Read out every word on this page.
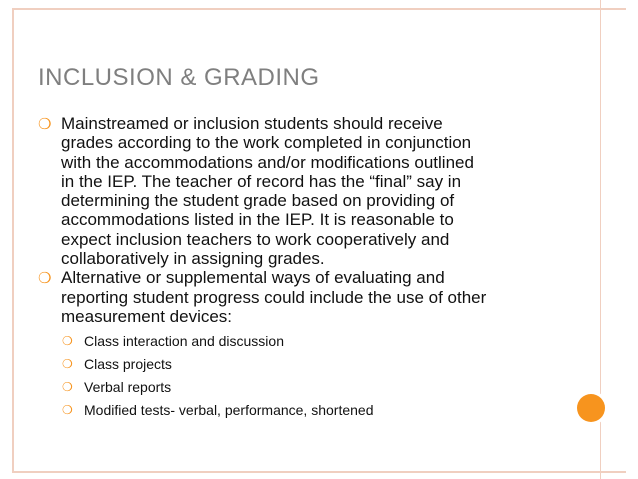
INCLUSION & GRADING
❍ Mainstreamed or inclusion students should receive
grades according to the work completed in conjunction
with the accommodations and/or modifications outlined
in the IEP. The teacher of record has the “final” say in
determining the student grade based on providing of
accommodations listed in the IEP. It is reasonable to
expect inclusion teachers to work cooperatively and
collaboratively in assigning grades.
❍ Alternative or supplemental ways of evaluating and
reporting student progress could include the use of other
measurement devices:
❍ Class interaction and discussion
❍ Class projects
❍ Verbal reports
❍ Modified tests- verbal, performance, shortened
